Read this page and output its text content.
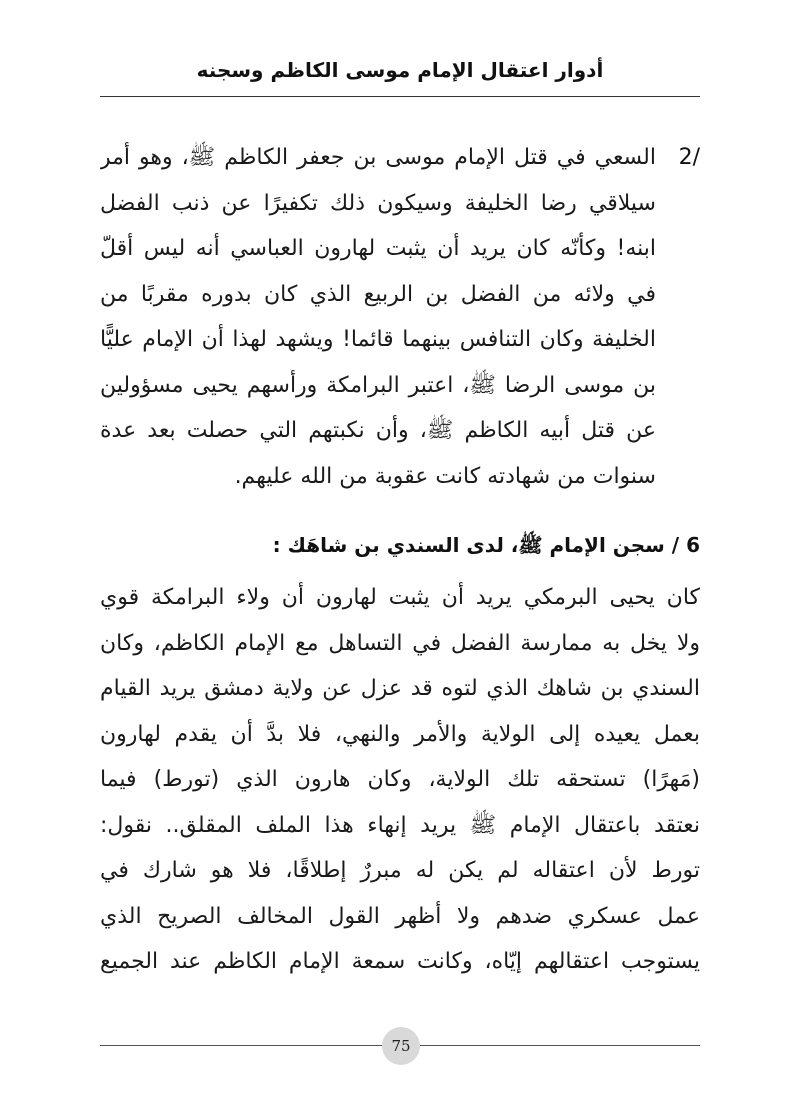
أدوار اعتقال الإمام موسى الكاظم وسجنه
2/
السعي في قتل الإمام موسى بن جعفر الكاظم ﷺ، وهو أمر
سيلاقي رضا الخليفة وسيكون ذلك تكفيرًا عن ذنب الفضل
ابنه! وكأنّه كان يريد أن يثبت لهارون العباسي أنه ليس أقلّ
في ولائه من الفضل بن الربيع الذي كان بدوره مقربًا من
الخليفة وكان التنافس بينهما قائما! ويشهد لهذا أن الإمام عليًّا
بن موسى الرضا ﷺ، اعتبر البرامكة ورأسهم يحيى مسؤولين
عن قتل أبيه الكاظم ﷺ، وأن نكبتهم التي حصلت بعد عدة
سنوات من شهادته كانت عقوبة من الله عليهم.
6 / سجن الإمام ﷺ، لدى السندي بن شاهَك :
كان يحيى البرمكي يريد أن يثبت لهارون أن ولاء البرامكة قوي
ولا يخل به ممارسة الفضل في التساهل مع الإمام الكاظم، وكان
السندي بن شاهك الذي لتوه قد عزل عن ولاية دمشق يريد القيام
بعمل يعيده إلى الولاية والأمر والنهي، فلا بدَّ أن يقدم لهارون
(مَهرًا) تستحقه تلك الولاية، وكان هارون الذي (تورط) فيما
نعتقد باعتقال الإمام ﷺ يريد إنهاء هذا الملف المقلق.. نقول:
تورط لأن اعتقاله لم يكن له مبررٌ إطلاقًا، فلا هو شارك في
عمل عسكري ضدهم ولا أظهر القول المخالف الصريح الذي
يستوجب اعتقالهم إيّاه، وكانت سمعة الإمام الكاظم عند الجميع
75
